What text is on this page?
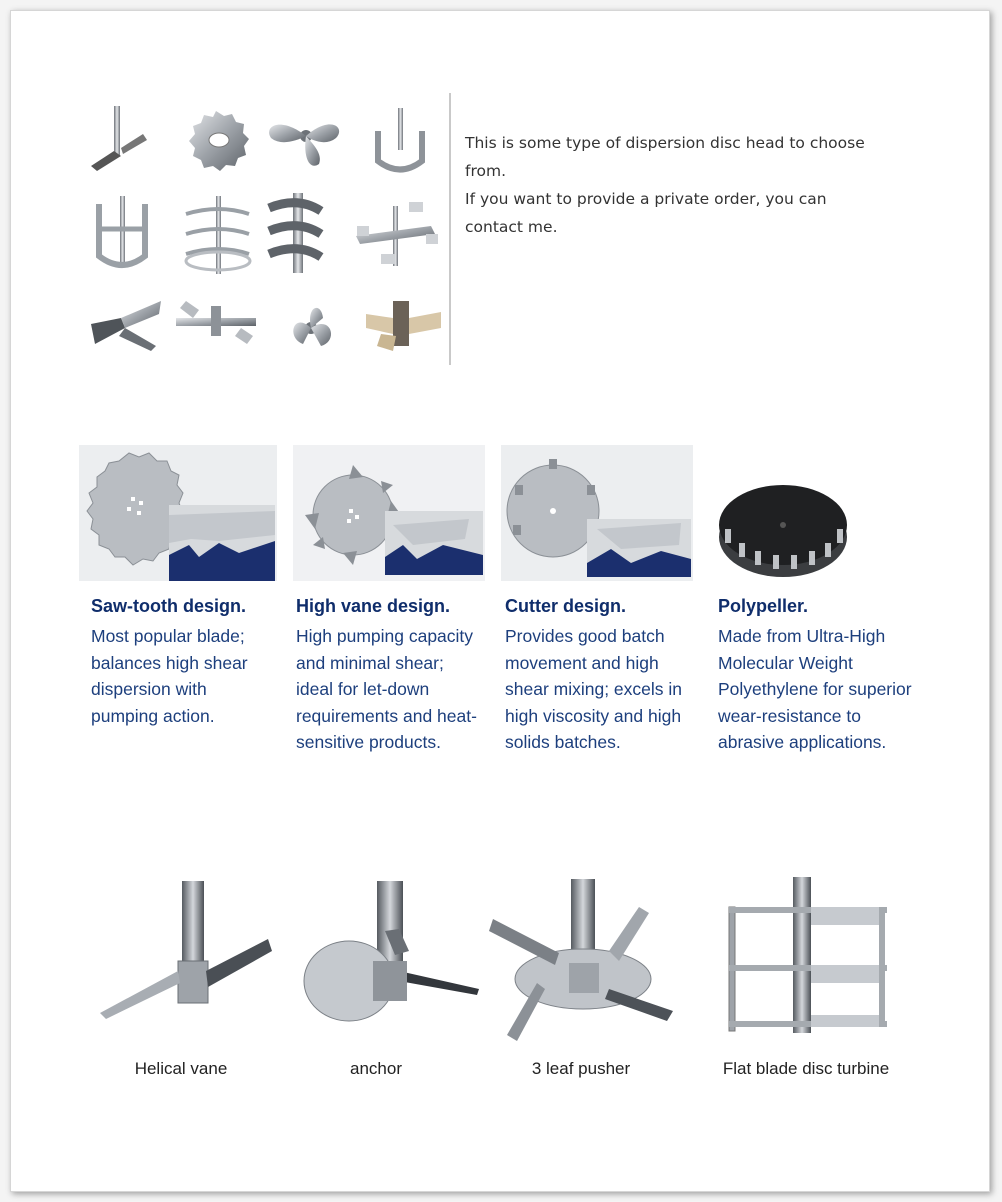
This is some type of dispersion disc head to choose from.

If you want to provide a private order, you can contact me.

Saw-tooth design.

Most popular blade;
balances high shear
dispersion with
pumping action.

High vane design.

High pumping capacity
and minimal shear;
ideal for let-down
requirements and heat-
sensitive products.

Cutter design.

Provides good batch
movement and high
shear mixing; excels in
high viscosity and high
solids batches.

Polypeller.

Made from Ultra-High
Molecular Weight
Polyethylene for superior
wear-resistance to
abrasive applications.

Helical vane	anchor	3 leaf pusher	Flat blade disc turbine
